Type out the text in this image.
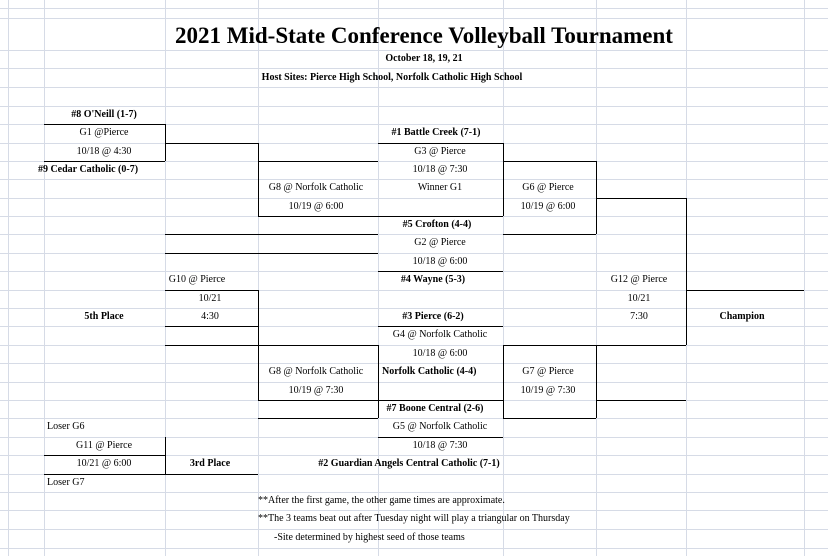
2021 Mid-State Conference Volleyball Tournament
October 18, 19, 21
Host Sites: Pierce High School, Norfolk Catholic High School
#8 O'Neill (1-7)
G1 @Pierce
10/18 @ 4:30
#9 Cedar Catholic (0-7)
#1 Battle Creek (7-1)
G3 @ Pierce
10/18 @ 7:30
Winner G1
G8 @ Norfolk Catholic
10/19 @ 6:00
G6 @ Pierce
10/19 @ 6:00
#5 Crofton (4-4)
G2 @ Pierce
10/18 @ 6:00
#4 Wayne (5-3)
G10 @ Pierce
10/21
4:30
5th Place
G12 @ Pierce
10/21
7:30	Champion
#3 Pierce (6-2)
G4 @ Norfolk Catholic
10/18 @ 6:00
G8 @ Norfolk Catholic
10/19 @ 7:30
Norfolk Catholic (4-4)	G7 @ Pierce
10/19 @ 7:30
#7 Boone Central (2-6)
G5 @ Norfolk Catholic
10/18 @ 7:30
Loser G6
G11 @ Pierce
10/21 @ 6:00	3rd Place	#2 Guardian Angels Central Catholic (7-1)
Loser G7
**After the first game, the other game times are approximate.
**The 3 teams beat out after Tuesday night will play a triangular on Thursday
-Site determined by highest seed of those teams
